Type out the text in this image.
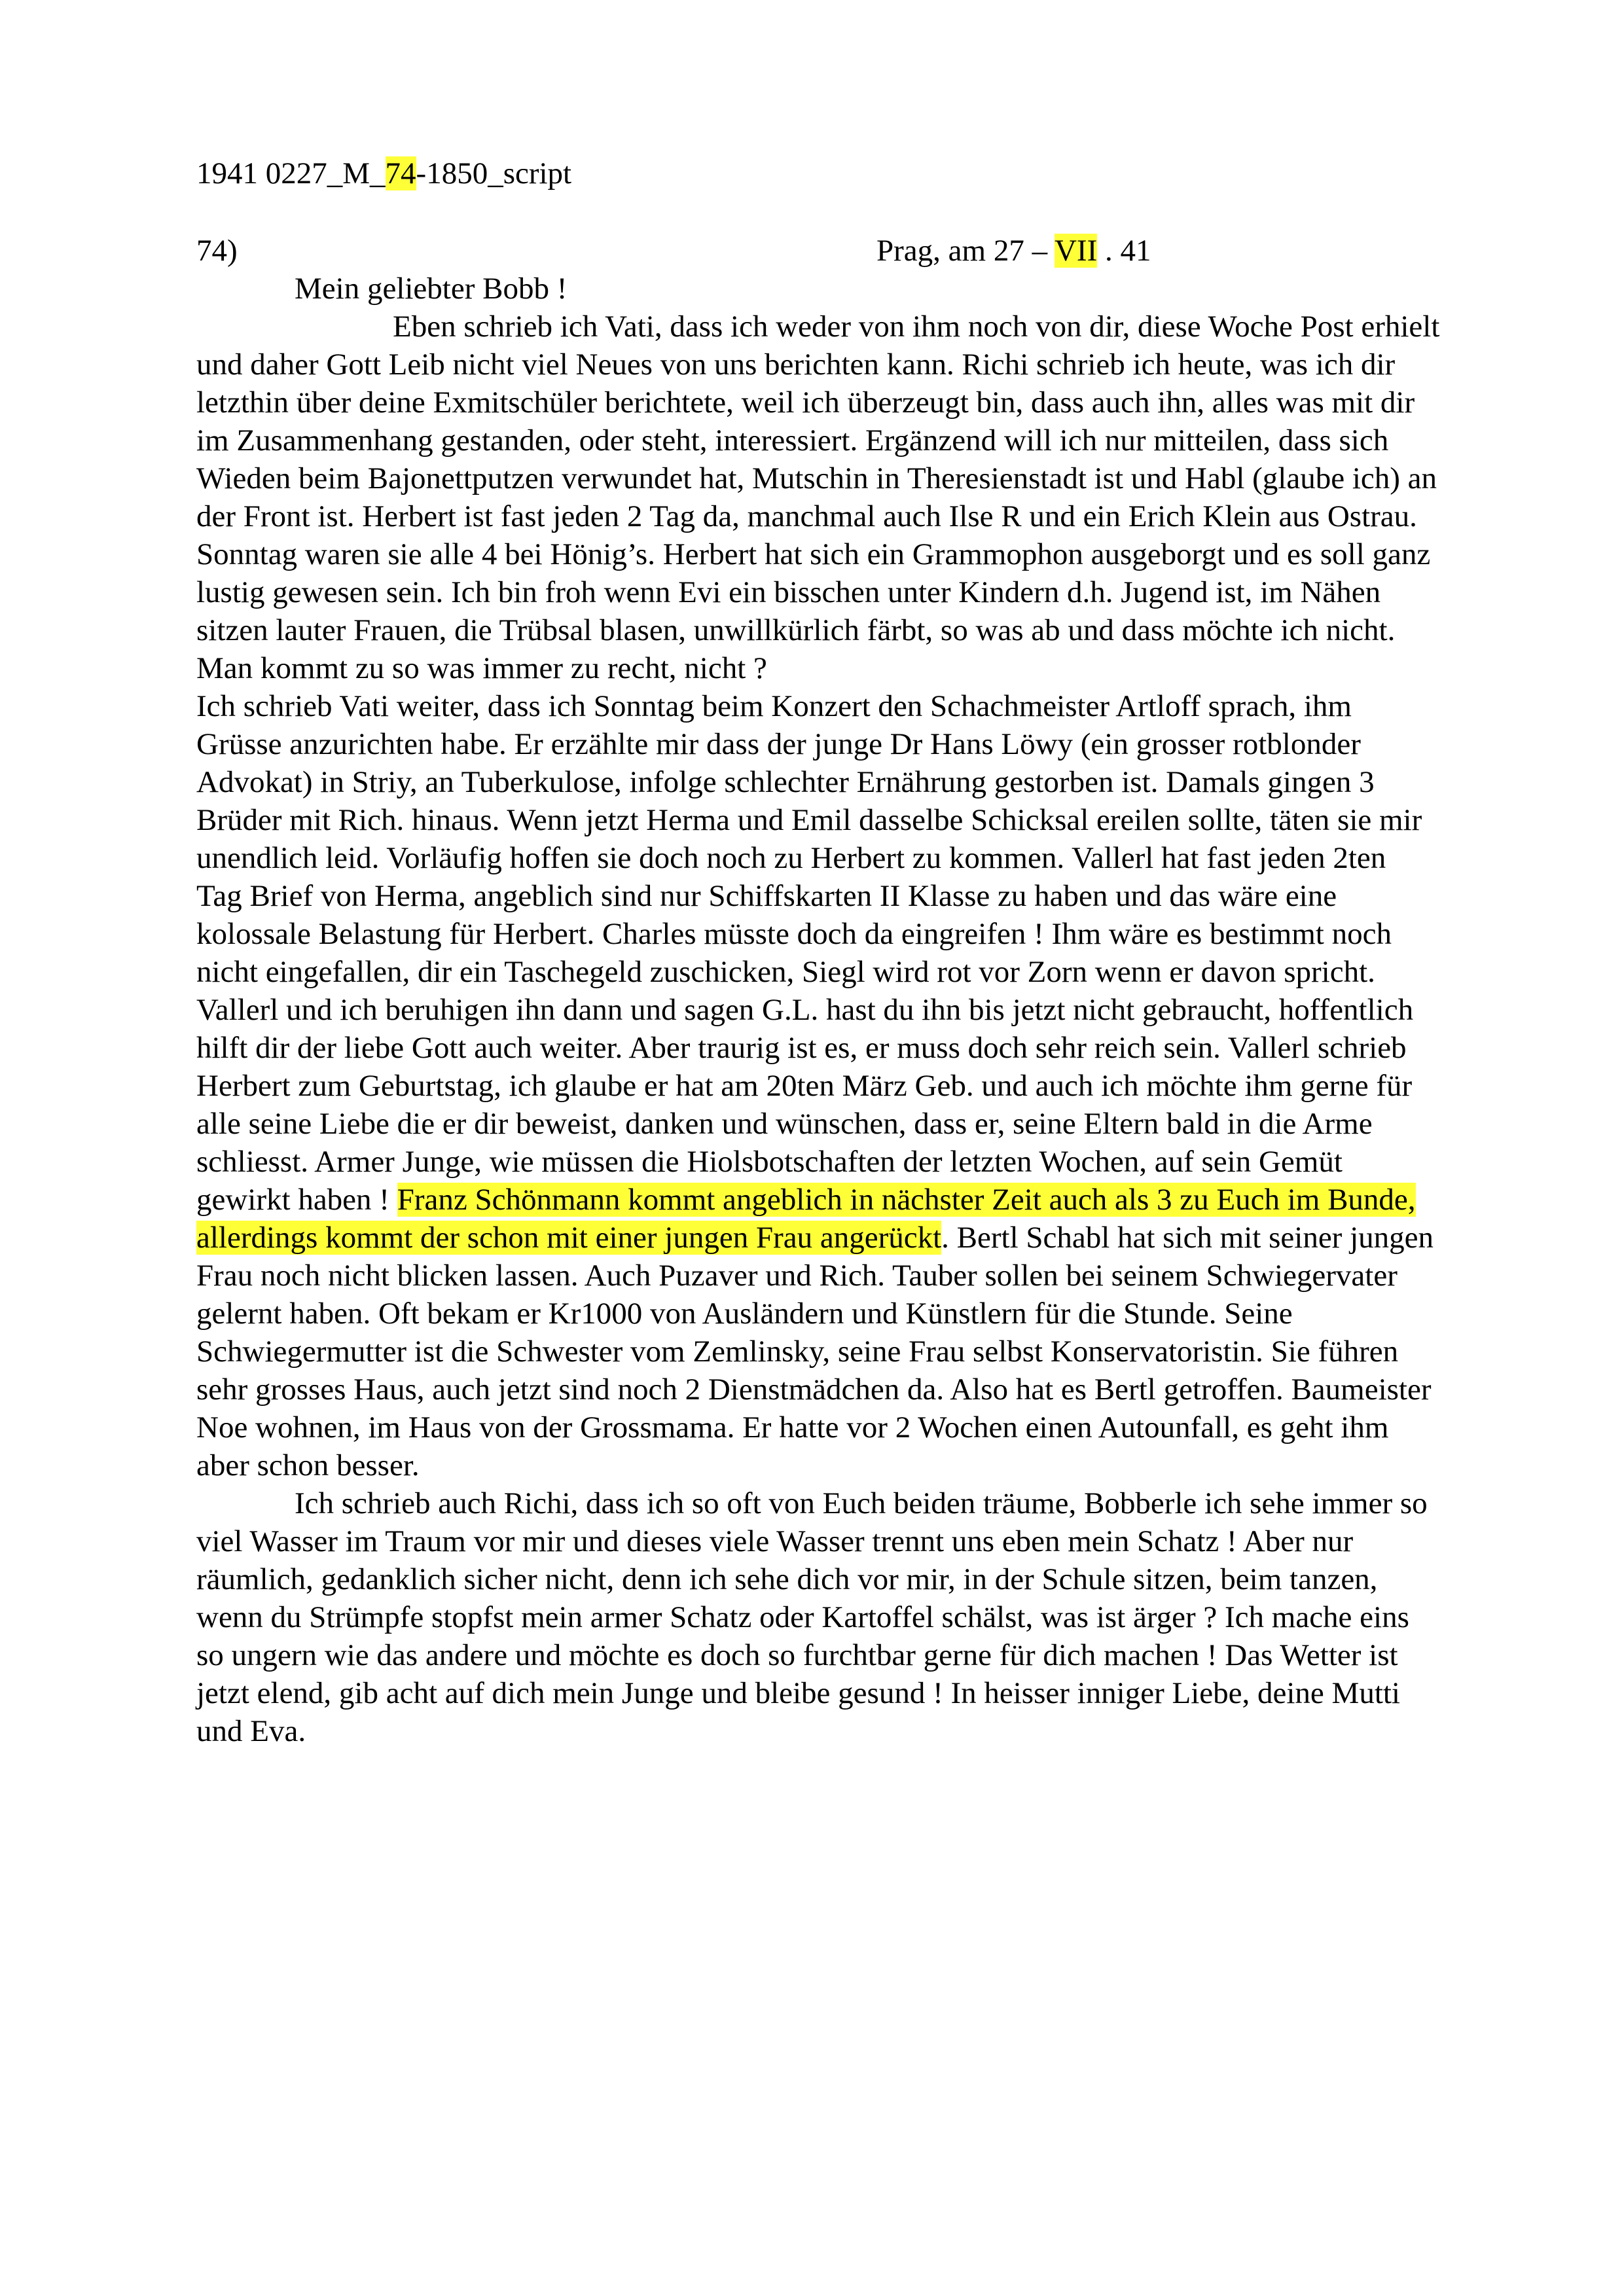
1941 0227_M_74-1850_script
74)	Prag, am 27 – VII . 41
Mein geliebter Bobb !
Eben schrieb ich Vati, dass ich weder von ihm noch von dir, diese Woche Post erhielt
und daher Gott Leib nicht viel Neues von uns berichten kann. Richi schrieb ich heute, was ich dir
letzthin über deine Exmitschüler berichtete, weil ich überzeugt bin, dass auch ihn, alles was mit dir
im Zusammenhang gestanden, oder steht, interessiert. Ergänzend will ich nur mitteilen, dass sich
Wieden beim Bajonettputzen verwundet hat, Mutschin in Theresienstadt ist und Habl (glaube ich) an
der Front ist. Herbert ist fast jeden 2 Tag da, manchmal auch Ilse R und ein Erich Klein aus Ostrau.
Sonntag waren sie alle 4 bei Hönig’s. Herbert hat sich ein Grammophon ausgeborgt und es soll ganz
lustig gewesen sein. Ich bin froh wenn Evi ein bisschen unter Kindern d.h. Jugend ist, im Nähen
sitzen lauter Frauen, die Trübsal blasen, unwillkürlich färbt, so was ab und dass möchte ich nicht.
Man kommt zu so was immer zu recht, nicht ?
Ich schrieb Vati weiter, dass ich Sonntag beim Konzert den Schachmeister Artloff sprach, ihm
Grüsse anzurichten habe. Er erzählte mir dass der junge Dr Hans Löwy (ein grosser rotblonder
Advokat) in Striy, an Tuberkulose, infolge schlechter Ernährung gestorben ist. Damals gingen 3
Brüder mit Rich. hinaus. Wenn jetzt Herma und Emil dasselbe Schicksal ereilen sollte, täten sie mir
unendlich leid. Vorläufig hoffen sie doch noch zu Herbert zu kommen. Vallerl hat fast jeden 2ten
Tag Brief von Herma, angeblich sind nur Schiffskarten II Klasse zu haben und das wäre eine
kolossale Belastung für Herbert. Charles müsste doch da eingreifen ! Ihm wäre es bestimmt noch
nicht eingefallen, dir ein Taschegeld zuschicken, Siegl wird rot vor Zorn wenn er davon spricht.
Vallerl und ich beruhigen ihn dann und sagen G.L. hast du ihn bis jetzt nicht gebraucht, hoffentlich
hilft dir der liebe Gott auch weiter. Aber traurig ist es, er muss doch sehr reich sein. Vallerl schrieb
Herbert zum Geburtstag, ich glaube er hat am 20ten März Geb. und auch ich möchte ihm gerne für
alle seine Liebe die er dir beweist, danken und wünschen, dass er, seine Eltern bald in die Arme
schliesst. Armer Junge, wie müssen die Hiolsbotschaften der letzten Wochen, auf sein Gemüt
gewirkt haben ! Franz Schönmann kommt angeblich in nächster Zeit auch als 3 zu Euch im Bunde,
allerdings kommt der schon mit einer jungen Frau angerückt. Bertl Schabl hat sich mit seiner jungen
Frau noch nicht blicken lassen. Auch Puzaver und Rich. Tauber sollen bei seinem Schwiegervater
gelernt haben. Oft bekam er Kr1000 von Ausländern und Künstlern für die Stunde. Seine
Schwiegermutter ist die Schwester vom Zemlinsky, seine Frau selbst Konservatoristin. Sie führen
sehr grosses Haus, auch jetzt sind noch 2 Dienstmädchen da. Also hat es Bertl getroffen. Baumeister
Noe wohnen, im Haus von der Grossmama. Er hatte vor 2 Wochen einen Autounfall, es geht ihm
aber schon besser.
Ich schrieb auch Richi, dass ich so oft von Euch beiden träume, Bobberle ich sehe immer so
viel Wasser im Traum vor mir und dieses viele Wasser trennt uns eben mein Schatz ! Aber nur
räumlich, gedanklich sicher nicht, denn ich sehe dich vor mir, in der Schule sitzen, beim tanzen,
wenn du Strümpfe stopfst mein armer Schatz oder Kartoffel schälst, was ist ärger ? Ich mache eins
so ungern wie das andere und möchte es doch so furchtbar gerne für dich machen ! Das Wetter ist
jetzt elend, gib acht auf dich mein Junge und bleibe gesund ! In heisser inniger Liebe, deine Mutti
und Eva.
